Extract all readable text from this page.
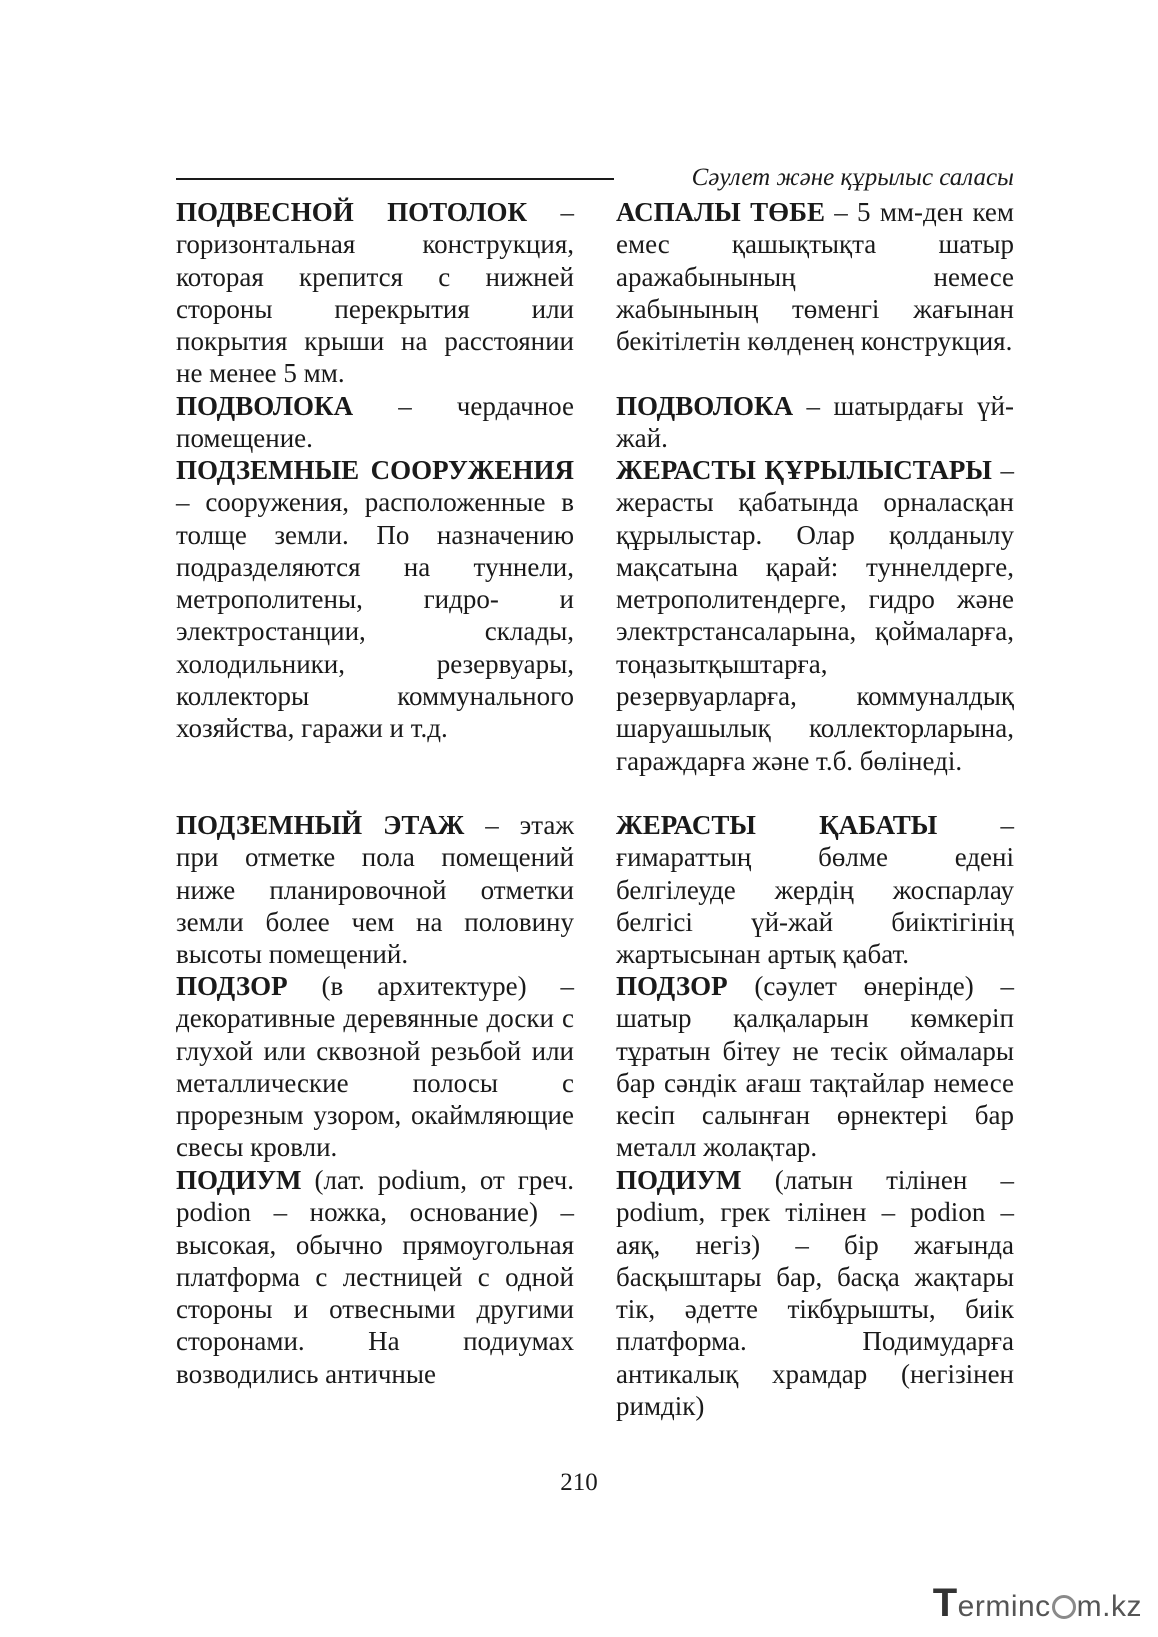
Сәулет және құрылыс саласы

ПОДВЕСНОЙ ПОТОЛОК – горизонтальная конструкция, которая крепится с нижней стороны перекрытия или покрытия крыши на расстоянии не менее 5 мм.

ПОДВОЛОКА – чердачное помещение.

ПОДЗЕМНЫЕ СООРУЖЕНИЯ – сооружения, расположенные в толще земли. По назначению подразделяются на туннели, метрополитены, гидро- и электростанции, склады, холодильники, резервуары, коллекторы коммунального хозяйства, гаражи и т.д.

ПОДЗЕМНЫЙ ЭТАЖ – этаж при отметке пола помещений ниже планировочной отметки земли более чем на половину высоты помещений.

ПОДЗОР (в архитектуре) – декоративные деревянные доски с глухой или сквозной резьбой или металлические полосы с прорезным узором, окаймляющие свесы кровли.

ПОДИУМ (лат. podium, от греч. podion – ножка, основание) – высокая, обычно прямоугольная платформа с лестницей с одной стороны и отвесными другими сторонами. На подиумах возводились античные

АСПАЛЫ ТӨБЕ – 5 мм-ден кем емес қашықтықта шатыр аражабынының немесе жабынының төменгі жағынан бекітілетін көлденең конструкция.

ПОДВОЛОКА – шатырдағы үй-жай.

ЖЕРАСТЫ ҚҰРЫЛЫСТАРЫ – жерасты қабатында орналасқан құрылыстар. Олар қолданылу мақсатына қарай: туннелдерге, метрополитендерге, гидро және электрстансаларына, қоймаларға, тоңазытқыштарға, резервуарларға, коммуналдық шаруашылық коллекторларына, гараждарға және т.б. бөлінеді.

ЖЕРАСТЫ ҚАБАТЫ – ғимараттың бөлме едені белгілеуде жердің жоспарлау белгісі үй-жай биіктігінің жартысынан артық қабат.

ПОДЗОР (сәулет өнерінде) – шатыр қалқаларын көмкеріп тұратын бітеу не тесік оймалары бар сәндік ағаш тақтайлар немесе кесіп салынған өрнектері бар металл жолақтар.

ПОДИУМ (латын тілінен – podium, грек тілінен – podion – аяқ, негіз) – бір жағында басқыштары бар, басқа жақтары тік, әдетте тікбұрышты, биік платформа. Подимударға антикалық храмдар (негізінен римдік)

210
Terminc m.kz
